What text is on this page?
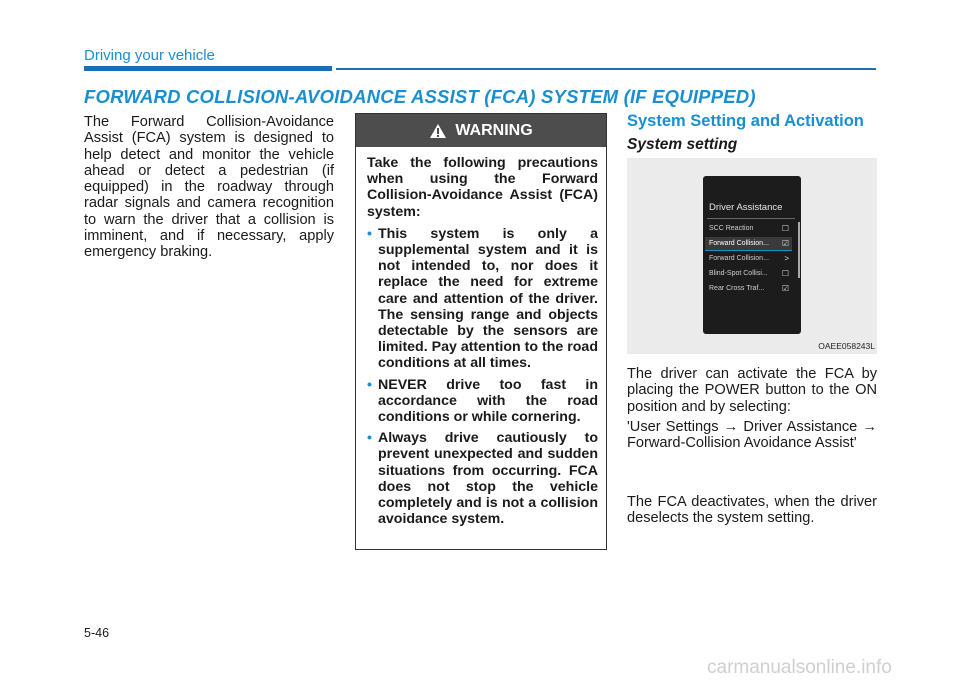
Driving your vehicle
FORWARD COLLISION-AVOIDANCE ASSIST (FCA) SYSTEM (IF EQUIPPED)
The Forward Collision-Avoidance Assist (FCA) system is designed to help detect and monitor the vehicle ahead or detect a pedestrian (if equipped) in the roadway through radar signals and camera recognition to warn the driver that a collision is imminent, and if necessary, apply emergency braking.
WARNING

Take the following precautions when using the Forward Collision-Avoidance Assist (FCA) system:

• This system is only a supplemental system and it is not intended to, nor does it replace the need for extreme care and attention of the driver. The sensing range and objects detectable by the sensors are limited. Pay attention to the road conditions at all times.
• NEVER drive too fast in accordance with the road conditions or while cornering.
• Always drive cautiously to prevent unexpected and sudden situations from occurring. FCA does not stop the vehicle completely and is not a collision avoidance system.
System Setting and Activation
System setting
Driver Assistance
SCC Reaction	☐
Forward Collision... ☑
Forward Collision... >
Blind-Spot Collisi... ☐
Rear Cross Traf... ☑
OAEE058243L
The driver can activate the FCA by placing the POWER button to the ON position and by selecting:
'User Settings → Driver Assistance → Forward-Collision Avoidance Assist'
The FCA deactivates, when the driver deselects the system setting.
5-46
carmanualsonline.info
